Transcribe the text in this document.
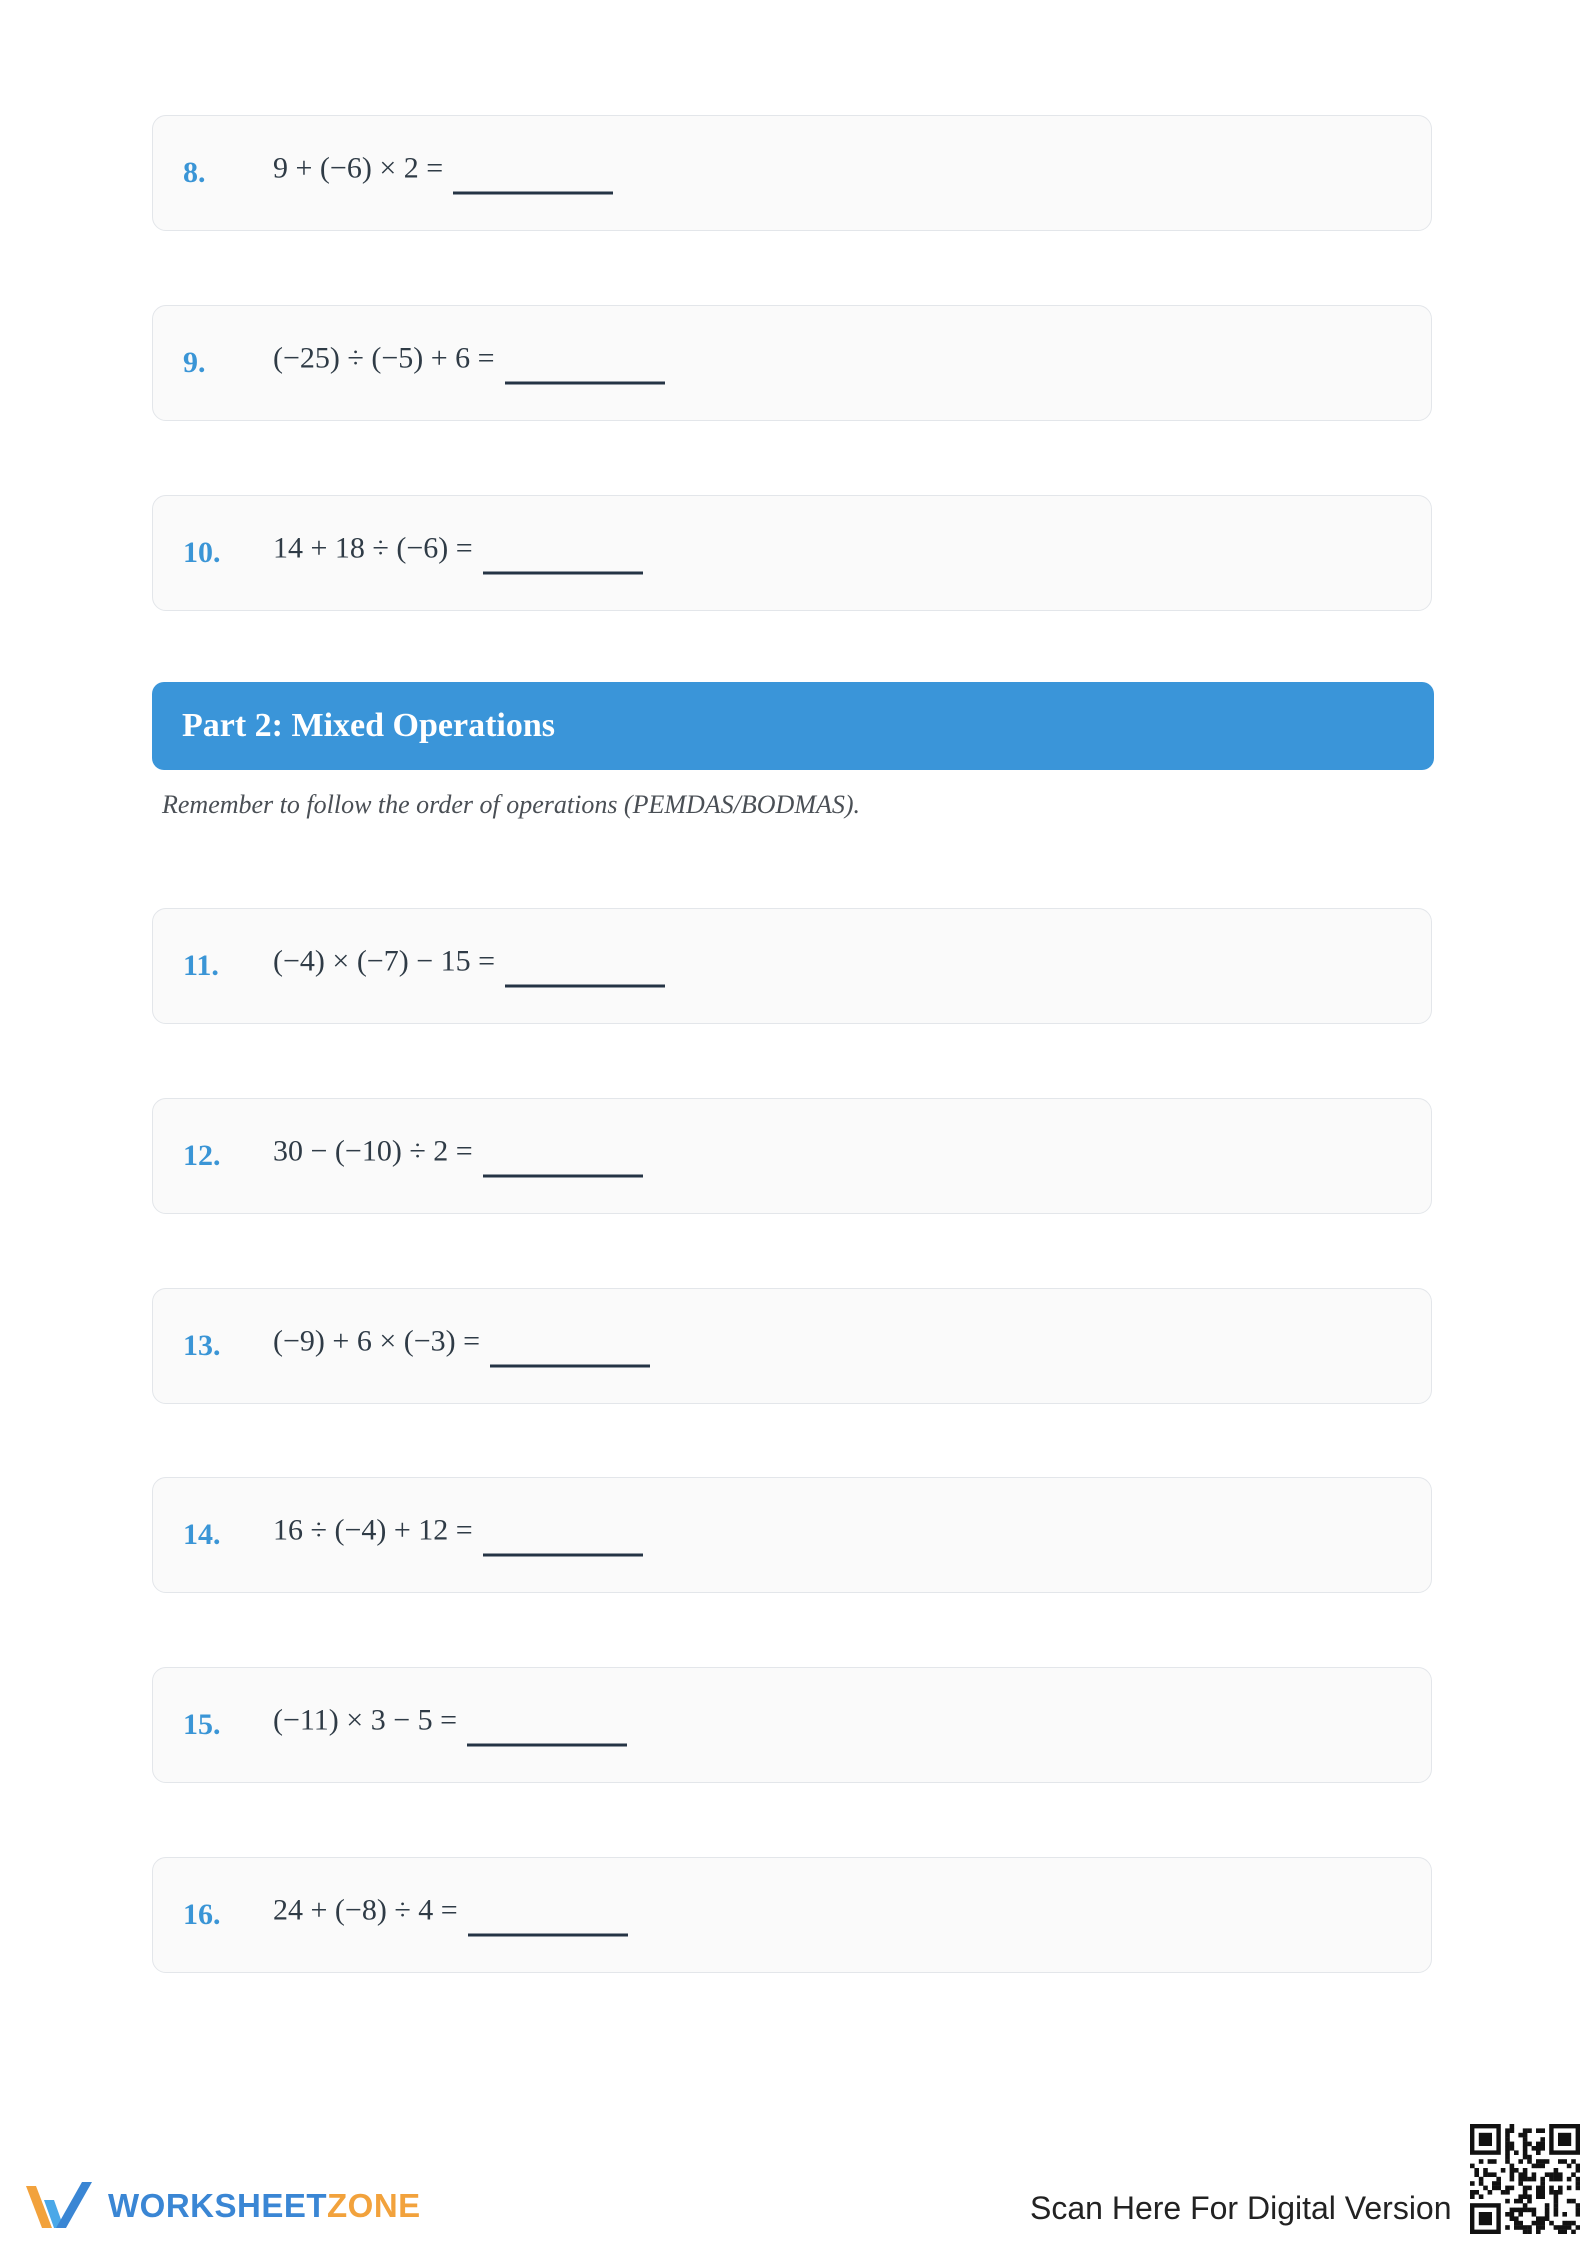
8. 9 + (−6) × 2 =
9. (−25) ÷ (−5) + 6 =
10. 14 + 18 ÷ (−6) =
Part 2: Mixed Operations
Remember to follow the order of operations (PEMDAS/BODMAS).
11. (−4) × (−7) − 15 =
12. 30 − (−10) ÷ 2 =
13. (−9) + 6 × (−3) =
14. 16 ÷ (−4) + 12 =
15. (−11) × 3 − 5 =
16. 24 + (−8) ÷ 4 =
WORKSHEETZONE	Scan Here For Digital Version
